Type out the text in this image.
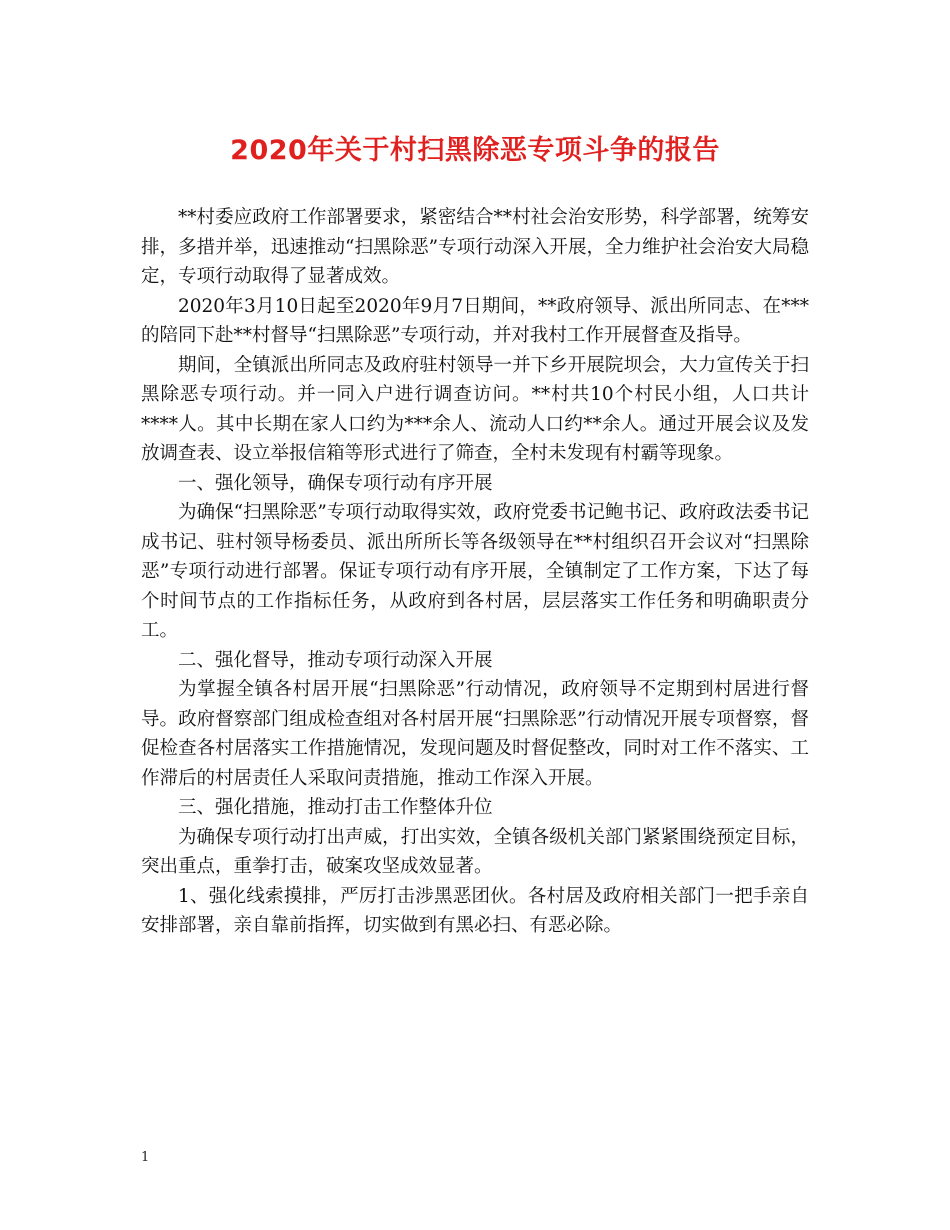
2020年关于村扫黑除恶专项斗争的报告

**村委应政府工作部署要求，紧密结合**村社会治安形势，科学部署，统筹安排，多措并举，迅速推动“扫黑除恶”专项行动深入开展，全力维护社会治安大局稳定，专项行动取得了显著成效。

2020年3月10日起至2020年9月7日期间，**政府领导、派出所同志、在***的陪同下赴**村督导“扫黑除恶”专项行动，并对我村工作开展督查及指导。

期间，全镇派出所同志及政府驻村领导一并下乡开展院坝会，大力宣传关于扫黑除恶专项行动。并一同入户进行调查访问。**村共10个村民小组，人口共计****人。其中长期在家人口约为***余人、流动人口约**余人。通过开展会议及发放调查表、设立举报信箱等形式进行了筛查，全村未发现有村霸等现象。

一、强化领导，确保专项行动有序开展

为确保“扫黑除恶”专项行动取得实效，政府党委书记鲍书记、政府政法委书记成书记、驻村领导杨委员、派出所所长等各级领导在**村组织召开会议对“扫黑除恶”专项行动进行部署。保证专项行动有序开展，全镇制定了工作方案，下达了每个时间节点的工作指标任务，从政府到各村居，层层落实工作任务和明确职责分工。

二、强化督导，推动专项行动深入开展

为掌握全镇各村居开展“扫黑除恶”行动情况，政府领导不定期到村居进行督导。政府督察部门组成检查组对各村居开展“扫黑除恶”行动情况开展专项督察，督促检查各村居落实工作措施情况，发现问题及时督促整改，同时对工作不落实、工作滞后的村居责任人采取问责措施，推动工作深入开展。

三、强化措施，推动打击工作整体升位

为确保专项行动打出声威，打出实效，全镇各级机关部门紧紧围绕预定目标，突出重点，重拳打击，破案攻坚成效显著。

1、强化线索摸排，严厉打击涉黑恶团伙。各村居及政府相关部门一把手亲自安排部署，亲自靠前指挥，切实做到有黑必扫、有恶必除。

1
